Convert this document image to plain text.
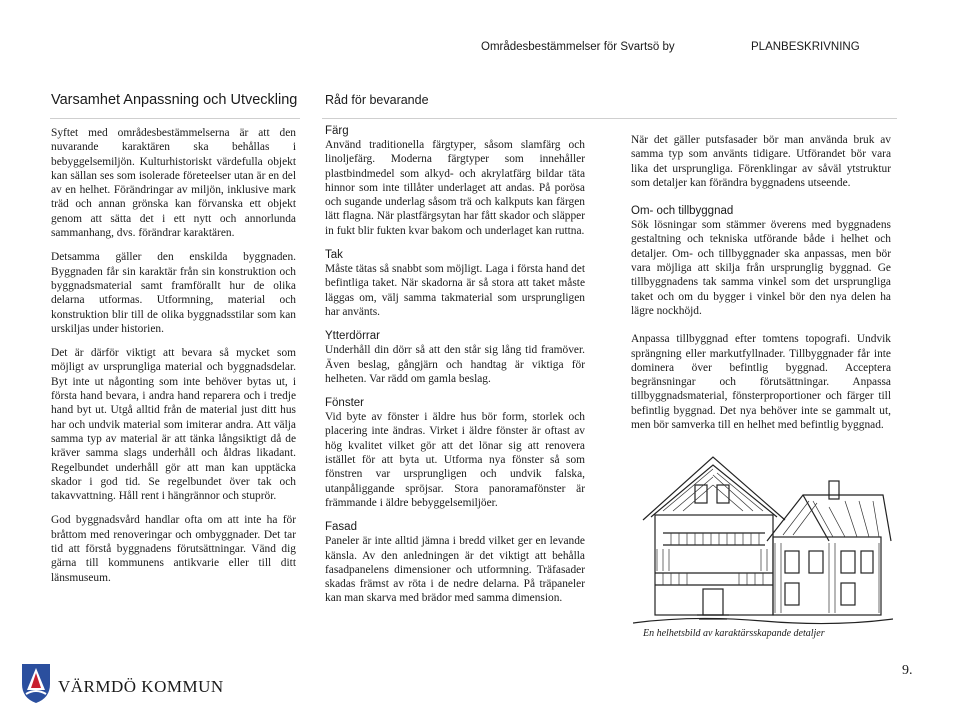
Områdesbestämmelser för Svartsö by	PLANBESKRIVNING
Varsamhet Anpassning och Utveckling Råd för bevarande

Syftet med områdesbestämmelserna är att den nuvarande karaktären ska behållas i bebyggelsemiljön. Kulturhistoriskt värdefulla objekt kan sällan ses som isolerade företeelser utan är en del av en helhet. Förändringar av miljön, inklusive mark träd och annan grönska kan förvanska ett objekt genom att sätta det i ett nytt och annorlunda sammanhang, dvs. förändrar karaktären.

Detsamma gäller den enskilda byggnaden. Byggnaden får sin karaktär från sin konstruktion och byggnadsmaterial samt framförallt hur de olika delarna utformas. Utformning, material och konstruktion blir till de olika byggnadsstilar som kan urskiljas under historien.

Det är därför viktigt att bevara så mycket som möjligt av ursprungliga material och byggnadsdelar. Byt inte ut någonting som inte behöver bytas ut, i första hand bevara, i andra hand reparera och i tredje hand byt ut. Utgå alltid från de material just ditt hus har och undvik material som imiterar andra. Att välja samma typ av material är att tänka långsiktigt då de kräver samma slags underhåll och åldras likadant. Regelbundet underhåll gör att man kan upptäcka skador i god tid. Se regelbundet över tak och takavvattning. Håll rent i hängrännor och stuprör.

God byggnadsvård handlar ofta om att inte ha för bråttom med renoveringar och ombyggnader. Det tar tid att förstå byggnadens förutsättningar. Vänd dig gärna till kommunens antikvarie eller till ditt länsmuseum.

Färg
Använd traditionella färgtyper, såsom slamfärg och linoljefärg. Moderna färgtyper som innehåller plastbindmedel som alkyd- och akrylatfärg bildar täta hinnor som inte tillåter underlaget att andas. På porösa och sugande underlag såsom trä och kalkputs kan färgen lätt flagna. När plastfärgsytan har fått skador och släpper in fukt blir fukten kvar bakom och underlaget kan ruttna.
Tak
Måste tätas så snabbt som möjligt. Laga i första hand det befintliga taket. När skadorna är så stora att taket måste läggas om, välj samma takmaterial som ursprungligen har använts.
Ytterdörrar
Underhåll din dörr så att den står sig lång tid framöver. Även beslag, gångjärn och handtag är viktiga för helheten. Var rädd om gamla beslag.
Fönster
Vid byte av fönster i äldre hus bör form, storlek och placering inte ändras. Virket i äldre fönster är oftast av hög kvalitet vilket gör att det lönar sig att renovera istället för att byta ut. Utforma nya fönster så som fönstren var ursprungligen och undvik falska, utanpåliggande spröjsar. Stora panoramafönster är främmande i äldre bebyggelsemiljöer.
Fasad
Paneler är inte alltid jämna i bredd vilket ger en levande känsla. Av den anledningen är det viktigt att behålla fasadpanelens dimensioner och utformning. Träfasader skadas främst av röta i de nedre delarna. På träpaneler kan man skarva med brädor med samma dimension.

När det gäller putsfasader bör man använda bruk av samma typ som använts tidigare. Utförandet bör vara lika det ursprungliga. Förenklingar av såväl ytstruktur som detaljer kan förändra byggnadens utseende.

Om- och tillbyggnad

Sök lösningar som stämmer överens med byggnadens gestaltning och tekniska utförande både i helhet och detaljer. Om- och tillbyggnader ska anpassas, men bör vara möjliga att skilja från ursprunglig byggnad. Ge tillbyggnadens tak samma vinkel som det ursprungliga taket och om du bygger i vinkel bör den nya delen ha lägre nockhöjd.

Anpassa tillbyggnad efter tomtens topografi. Undvik sprängning eller markutfyllnader. Tillbyggnader får inte dominera över befintlig byggnad. Acceptera begränsningar och förutsättningar. Anpassa tillbyggnadsmaterial, fönsterproportioner och färger till befintlig byggnad. Det nya behöver inte se gammalt ut, men bör samverka till en helhet med befintlig byggnad.

En helhetsbild av karaktärsskapande detaljer
VÄRMDÖ KOMMUN
9.
